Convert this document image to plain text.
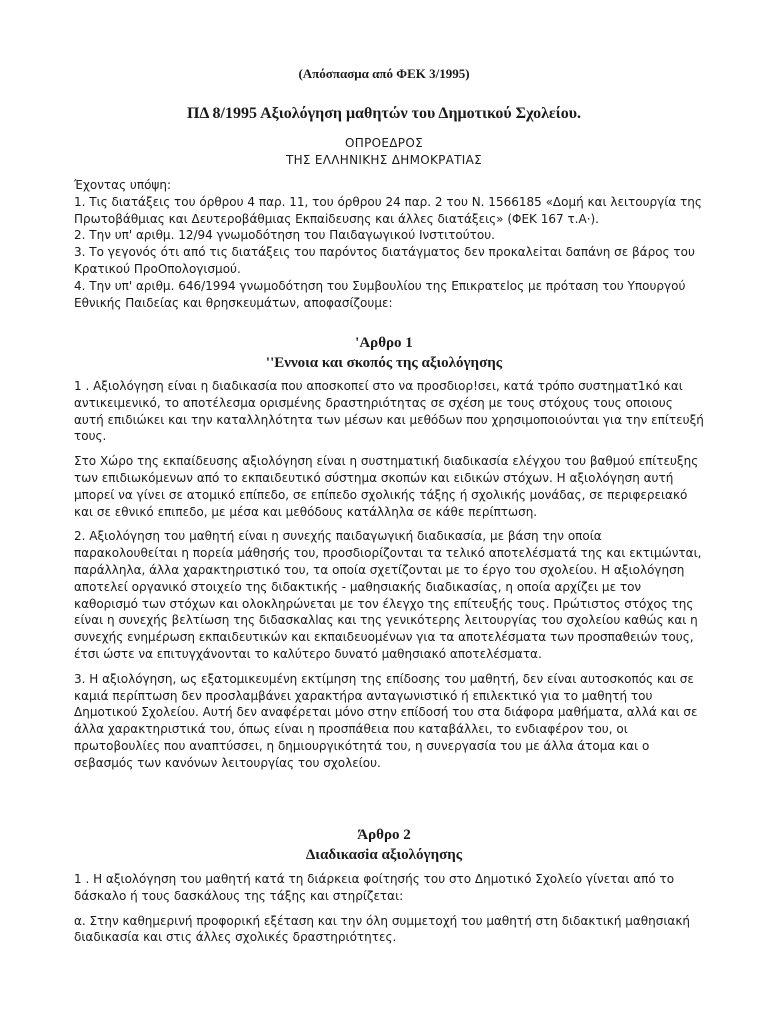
(Απόσπασμα από ΦΕΚ 3/1995)
ΠΔ 8/1995 Αξιολόγηση μαθητών του Δημοτικού Σχολείου.
ΟΠΡΟΕΔΡΟΣ
ΤΗΣ ΕΛΛΗΝΙΚΗΣ ΔΗΜΟΚΡΑΤΙΑΣ

Έχοντας υπόψη:

1. Τις διατάξεις του όρθρου 4 παρ. 11, του όρθρου 24 παρ. 2 του Ν. 1566185 «Δομή και λειτουργία της Πρωτοβάθμιας και Δευτεροβάθμιας Εκπαiδευσης και άλλες διατάξεις» (ΦΕΚ 167 τ.Α·).

2. Την υπ' αριθμ. 12/94 γνωμοδότηση του Παιδαγωγικού Ινστιτούτου.

3. Το γεγονός ότι από τις διατάξεις του παρόντος διατάγματος δεν προκαλεiται δαπάνη σε βάρος του Κρατικού ΠροΟπολογισμού.

4. Την υπ' αριθμ. 646/1994 γνωμοδότηση του Συμβουλίου της Επικρατεlος με πρόταση του Υπουργού Εθνικής Παιδείας και θρησκευμάτων, αποφασίζουμε:

'Αρθρο 1
''Εννοια και σκοπός της αξιολόγησης

1 . Αξιολόγηση είναι η διαδικασία που αποσκοπεί στο να προσδιορ!σει, κατά τρόπο συστηματ1κό και αντικειμενικό, το αποτέλεσμα ορισμένης δραστηριότητας σε σχέση με τους στόχους τους οποιους αυτή επιδιώκει και την καταλληλότητα των μέσων και μεθόδων που χρησιμοποιούνται για την επίτευξή τους.

Στο Χώρο της εκπαίδευσης αξιολόγηση είναι η συστηματική διαδικασία ελέγχου του βαθμού επίτευξης των επιδιωκόμενων από το εκπαιδευτικό σύστημα σκοπών και ειδικών στόχων. Η αξιολόγηση αυτή μπορεί να γίνει σε ατομικό επίπεδο, σε επίπεδο σχολικής τάξης ή σχολικής μονάδας, σε περιφερειακό και σε εθνικό επιπεδο, με μέσα και μεθόδους κατάλληλα σε κάθε περίπτωση.

2. Αξιολόγηση του μαθητή είναι η συνεχής παιδαγωγική διαδικασία, με βάση την οποία παρακολουθείται η πορεία μάθησής του, προσδιορίζονται τα τελικό αποτελέσματά της και εκτιμώνται, παράλληλα, άλλα χαρακτηριστικό του, τα οποία σχετίζονται με το έργο του σχολείου. Η αξιολόγηση αποτελεί οργανικό στοιχείο της διδακτικής - μαθησιακής διαδικασίας, η οποία αρχίζει με τον καθορισμό των στόχων και ολοκληρώνεται με τον έλεγχο της επίτευξής τους. Πρώτιστος στόχος της είναι η συνεχής βελτίωση της διδασκαλlας και της γενικότερης λειτουργίας του σχολείου καθώς και η συνεχής ενημέρωση εκπαιδευτικών και εκπαιδευομένων για τα αποτελέσματα των προσπαθειών τους, έτσι ώστε να επιτυγχάνονται το καλύτερο δυνατό μαθησιακό αποτελέσματα.

3. Η αξιολόγηση, ως εξατομικευμένη εκτίμηση της επίδοσης του μαθητή, δεν είναι αυτοσκοπός και σε καμιά περίπτωση δεν προσλαμβάνει χαρακτήρα ανταγωνιστικό ή επιλεκτικό για το μαθητή του Δημοτικού Σχολείου. Αυτή δεν αναφέρεται μόνο στην επίδοσή του στα διάφορα μαθήματα, αλλά και σε άλλα χαρακτηριστικά του, όπως είναι η προσπάθεια που καταβάλλει, το ενδιαφέρον του, οι πρωτοβουλίες που αναπτύσσει, η δημιουργικότητά του, η συνεργασία του με άλλα άτομα και ο σεβασμός των κανόνων λειτουργίας του σχολείου.

Άρθρο 2
Διαδικασiα αξιολόγησης

1 . Η αξιολόγηση του μαθητή κατά τη διάρκεια φοίτησής του στο Δημοτικό Σχολείο γίνεται από το δάσκαλο ή τους δασκάλους της τάξης και στηρίζεται:

α. Στην καθημερινή προφορική εξέταση και την όλη συμμετοχή του μαθητή στη διδακτική μαθησιακή διαδικασία και στις άλλες σχολικές δραστηριότητες.
